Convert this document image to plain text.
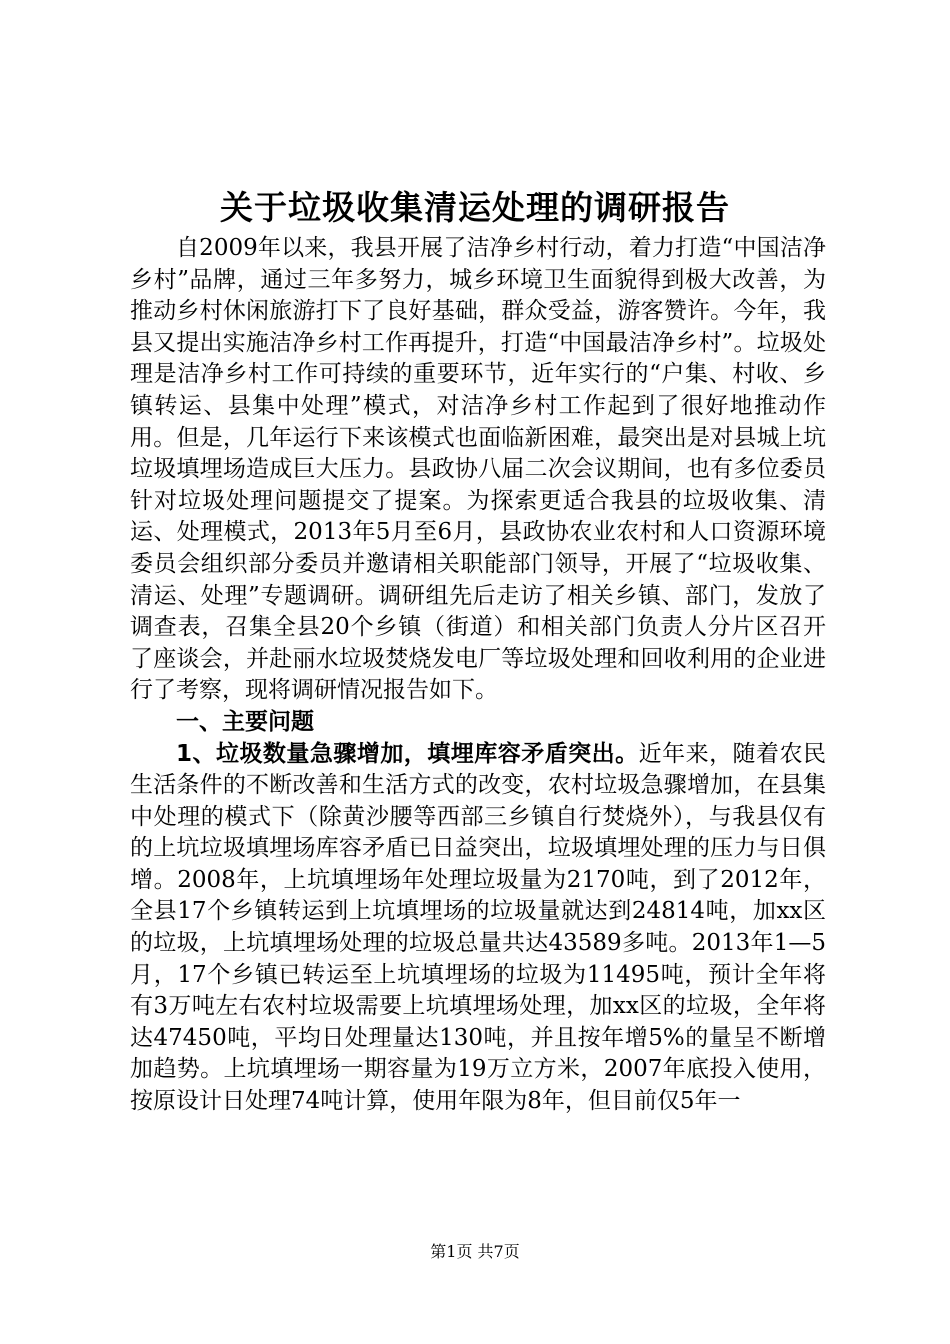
关于垃圾收集清运处理的调研报告

自2009年以来，我县开展了洁净乡村行动，着力打造“中国洁净乡村”品牌，通过三年多努力，城乡环境卫生面貌得到极大改善，为推动乡村休闲旅游打下了良好基础，群众受益，游客赞许。今年，我县又提出实施洁净乡村工作再提升，打造“中国最洁净乡村”。垃圾处理是洁净乡村工作可持续的重要环节，近年实行的“户集、村收、乡镇转运、县集中处理”模式，对洁净乡村工作起到了很好地推动作用。但是，几年运行下来该模式也面临新困难，最突出是对县城上坑垃圾填埋场造成巨大压力。县政协八届二次会议期间，也有多位委员针对垃圾处理问题提交了提案。为探索更适合我县的垃圾收集、清运、处理模式，2013年5月至6月，县政协农业农村和人口资源环境委员会组织部分委员并邀请相关职能部门领导，开展了“垃圾收集、清运、处理”专题调研。调研组先后走访了相关乡镇、部门，发放了调查表，召集全县20个乡镇（街道）和相关部门负责人分片区召开了座谈会，并赴丽水垃圾焚烧发电厂等垃圾处理和回收利用的企业进行了考察，现将调研情况报告如下。

一、主要问题

1、垃圾数量急骤增加，填埋库容矛盾突出。近年来，随着农民生活条件的不断改善和生活方式的改变，农村垃圾急骤增加，在县集中处理的模式下（除黄沙腰等西部三乡镇自行焚烧外），与我县仅有的上坑垃圾填埋场库容矛盾已日益突出，垃圾填埋处理的压力与日俱增。2008年，上坑填埋场年处理垃圾量为2170吨，到了2012年，全县17个乡镇转运到上坑填埋场的垃圾量就达到24814吨，加xx区的垃圾，上坑填埋场处理的垃圾总量共达43589多吨。2013年1—5月，17个乡镇已转运至上坑填埋场的垃圾为11495吨，预计全年将有3万吨左右农村垃圾需要上坑填埋场处理，加xx区的垃圾，全年将达47450吨，平均日处理量达130吨，并且按年增5%的量呈不断增加趋势。上坑填埋场一期容量为19万立方米，2007年底投入使用，按原设计日处理74吨计算，使用年限为8年，但目前仅5年一

第1页 共7页
